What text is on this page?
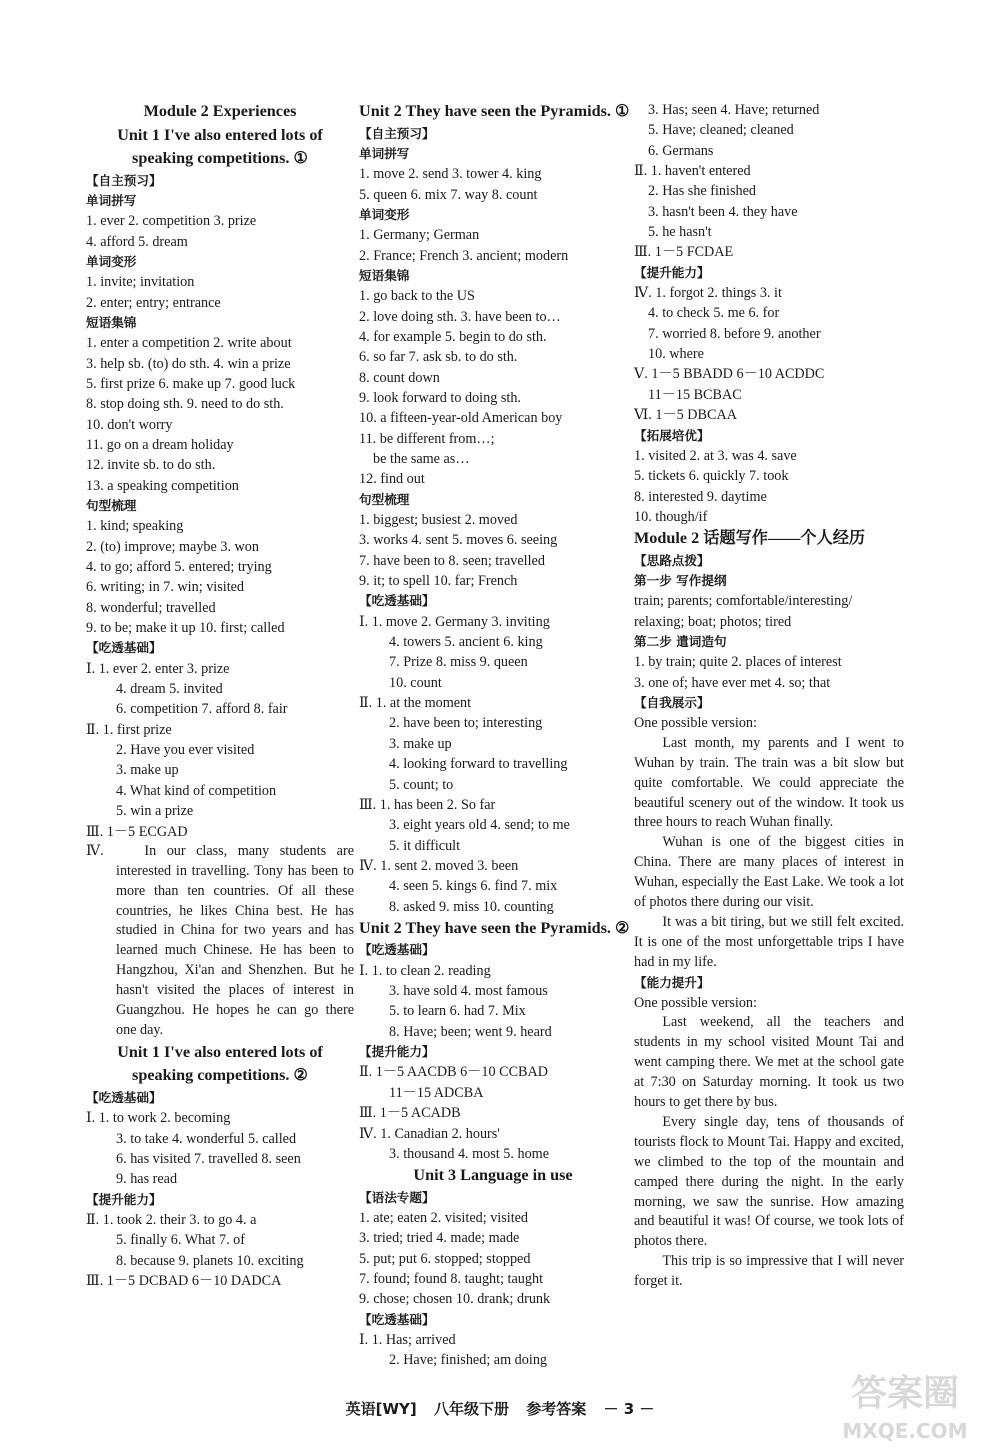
Module 2 Experiences
Unit 1 I've also entered lots of
speaking competitions. ①
【自主预习】
单词拼写
1. ever 2. competition 3. prize
4. afford 5. dream
单词变形
1. invite; invitation
2. enter; entry; entrance
短语集锦
1. enter a competition 2. write about
3. help sb. (to) do sth. 4. win a prize
5. first prize 6. make up 7. good luck
8. stop doing sth. 9. need to do sth.
10. don't worry
11. go on a dream holiday
12. invite sb. to do sth.
13. a speaking competition
句型梳理
1. kind; speaking
2. (to) improve; maybe 3. won
4. to go; afford 5. entered; trying
6. writing; in 7. win; visited
8. wonderful; travelled
9. to be; make it up 10. first; called
【吃透基础】
Ⅰ. 1. ever 2. enter 3. prize
4. dream 5. invited
6. competition 7. afford 8. fair
Ⅱ. 1. first prize
2. Have you ever visited
3. make up
4. What kind of competition
5. win a prize
Ⅲ. 1－5 ECGAD
Ⅳ.	In our class, many students are interested in travelling. Tony has been to more than ten countries. Of all these countries, he likes China best. He has studied in China for two years and has learned much Chinese. He has been to Hangzhou, Xi'an and Shenzhen. But he hasn't visited the places of interest in Guangzhou. He hopes he can go there one day.
Unit 1 I've also entered lots of
speaking competitions. ②
【吃透基础】
Ⅰ. 1. to work 2. becoming
3. to take 4. wonderful 5. called
6. has visited 7. travelled 8. seen
9. has read
【提升能力】
Ⅱ. 1. took 2. their 3. to go 4. a
5. finally 6. What 7. of
8. because 9. planets 10. exciting
Ⅲ. 1－5 DCBAD 6－10 DADCA
Unit 2 They have seen the Pyramids. ①
【自主预习】
单词拼写
1. move 2. send 3. tower 4. king
5. queen 6. mix 7. way 8. count
单词变形
1. Germany; German
2. France; French 3. ancient; modern
短语集锦
1. go back to the US
2. love doing sth. 3. have been to…
4. for example 5. begin to do sth.
6. so far 7. ask sb. to do sth.
8. count down
9. look forward to doing sth.
10. a fifteen-year-old American boy
11. be different from…;
be the same as…
12. find out
句型梳理
1. biggest; busiest 2. moved
3. works 4. sent 5. moves 6. seeing
7. have been to 8. seen; travelled
9. it; to spell 10. far; French
【吃透基础】
Ⅰ. 1. move 2. Germany 3. inviting
4. towers 5. ancient 6. king
7. Prize 8. miss 9. queen
10. count
Ⅱ. 1. at the moment
2. have been to; interesting
3. make up
4. looking forward to travelling
5. count; to
Ⅲ. 1. has been 2. So far
3. eight years old 4. send; to me
5. it difficult
Ⅳ. 1. sent 2. moved 3. been
4. seen 5. kings 6. find 7. mix
8. asked 9. miss 10. counting
Unit 2 They have seen the Pyramids. ②
【吃透基础】
Ⅰ. 1. to clean 2. reading
3. have sold 4. most famous
5. to learn 6. had 7. Mix
8. Have; been; went 9. heard
【提升能力】
Ⅱ. 1－5 AACDB 6－10 CCBAD
11－15 ADCBA
Ⅲ. 1－5 ACADB
Ⅳ. 1. Canadian 2. hours'
3. thousand 4. most 5. home
Unit 3 Language in use
【语法专题】
1. ate; eaten 2. visited; visited
3. tried; tried 4. made; made
5. put; put 6. stopped; stopped
7. found; found 8. taught; taught
9. chose; chosen 10. drank; drunk
【吃透基础】
Ⅰ. 1. Has; arrived
2. Have; finished; am doing
3. Has; seen 4. Have; returned
5. Have; cleaned; cleaned
6. Germans
Ⅱ. 1. haven't entered
2. Has she finished
3. hasn't been 4. they have
5. he hasn't
Ⅲ. 1－5 FCDAE
【提升能力】
Ⅳ. 1. forgot 2. things 3. it
4. to check 5. me 6. for
7. worried 8. before 9. another
10. where
Ⅴ. 1－5 BBADD 6－10 ACDDC
11－15 BCBAC
Ⅵ. 1－5 DBCAA
【拓展培优】
1. visited 2. at 3. was 4. save
5. tickets 6. quickly 7. took
8. interested 9. daytime
10. though/if
Module 2 话题写作——个人经历
【思路点拨】
第一步 写作提纲
train; parents; comfortable/interesting/
relaxing; boat; photos; tired
第二步 遣词造句
1. by train; quite 2. places of interest
3. one of; have ever met 4. so; that
【自我展示】
One possible version:
Last month, my parents and I went to Wuhan by train. The train was a bit slow but quite comfortable. We could appreciate the beautiful scenery out of the window. It took us three hours to reach Wuhan finally.
Wuhan is one of the biggest cities in China. There are many places of interest in Wuhan, especially the East Lake. We took a lot of photos there during our visit.
It was a bit tiring, but we still felt excited. It is one of the most unforgettable trips I have had in my life.
【能力提升】
One possible version:
Last weekend, all the teachers and students in my school visited Mount Tai and went camping there. We met at the school gate at 7:30 on Saturday morning. It took us two hours to get there by bus.
Every single day, tens of thousands of tourists flock to Mount Tai. Happy and excited, we climbed to the top of the mountain and camped there during the night. In the early morning, we saw the sunrise. How amazing and beautiful it was! Of course, we took lots of photos there.
This trip is so impressive that I will never forget it.
英语[WY] 八年级下册 参考答案 － 3 －	答案圈
MXQE.COM
